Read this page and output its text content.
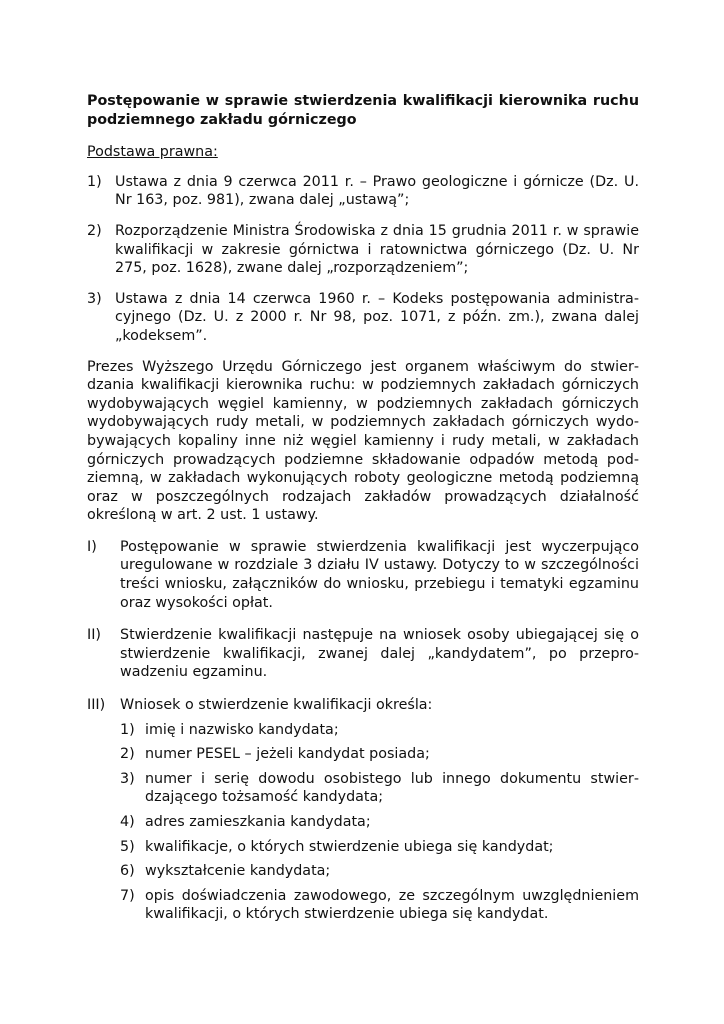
Postępowanie w sprawie stwierdzenia kwalifikacji kierownika ruchu podziemnego zakładu górniczego
Podstawa prawna:
1) Ustawa z dnia 9 czerwca 2011 r. – Prawo geologiczne i górnicze (Dz. U. Nr 163, poz. 981), zwana dalej „ustawą”;
2) Rozporządzenie Ministra Środowiska z dnia 15 grudnia 2011 r. w sprawie kwalifikacji w zakresie górnictwa i ratownictwa górniczego (Dz. U. Nr 275, poz. 1628), zwane dalej „rozporządzeniem”;
3) Ustawa z dnia 14 czerwca 1960 r. – Kodeks postępowania administracyjnego (Dz. U. z 2000 r. Nr 98, poz. 1071, z późn. zm.), zwana dalej „kodeksem”.
Prezes Wyższego Urzędu Górniczego jest organem właściwym do stwierdzania kwalifikacji kierownika ruchu: w podziemnych zakładach górniczych wydobywających węgiel kamienny, w podziemnych zakładach górniczych wydobywających rudy metali, w podziemnych zakładach górniczych wydobywających kopaliny inne niż węgiel kamienny i rudy metali, w zakładach górniczych prowadzących podziemne składowanie odpadów metodą podziemną, w zakładach wykonujących roboty geologiczne metodą podziemną oraz w poszczególnych rodzajach zakładów prowadzących działalność określoną w art. 2 ust. 1 ustawy.
I) Postępowanie w sprawie stwierdzenia kwalifikacji jest wyczerpująco uregulowane w rozdziale 3 działu IV ustawy. Dotyczy to w szczególności treści wniosku, załączników do wniosku, przebiegu i tematyki egzaminu oraz wysokości opłat.
II) Stwierdzenie kwalifikacji następuje na wniosek osoby ubiegającej się o stwierdzenie kwalifikacji, zwanej dalej „kandydatem”, po przeprowadzeniu egzaminu.
III) Wniosek o stwierdzenie kwalifikacji określa:
1) imię i nazwisko kandydata;
2) numer PESEL – jeżeli kandydat posiada;
3) numer i serię dowodu osobistego lub innego dokumentu stwierdzającego tożsamość kandydata;
4) adres zamieszkania kandydata;
5) kwalifikacje, o których stwierdzenie ubiega się kandydat;
6) wykształcenie kandydata;
7) opis doświadczenia zawodowego, ze szczególnym uwzględnieniem kwalifikacji, o których stwierdzenie ubiega się kandydat.
